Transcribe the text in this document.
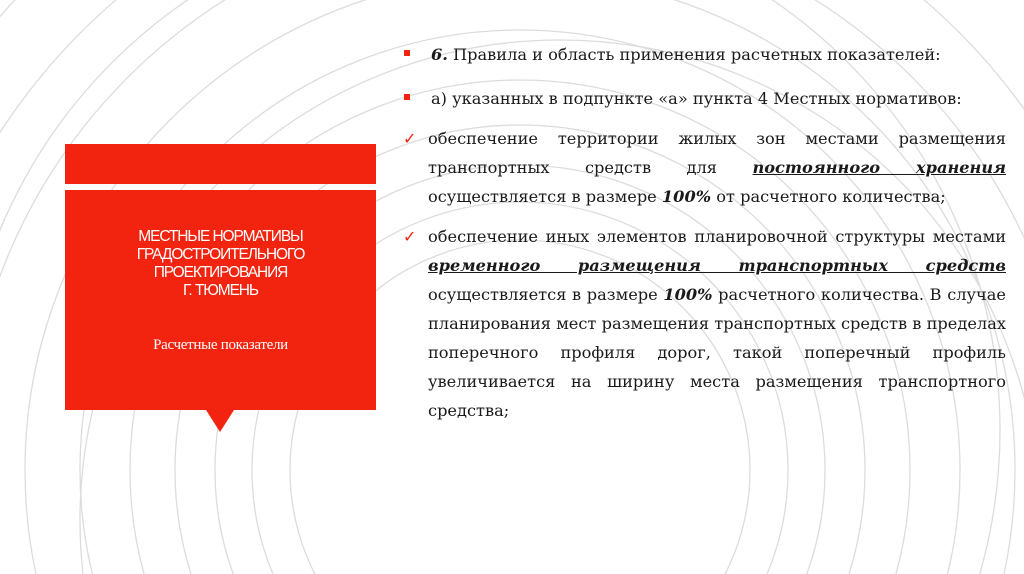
МЕСТНЫЕ НОРМАТИВЫ
ГРАДОСТРОИТЕЛЬНОГО
ПРОЕКТИРОВАНИЯ
Г. ТЮМЕНЬ
Расчетные показатели

6. Правила и область применения расчетных показателей:

а) указанных в подпункте «а» пункта 4 Местных нормативов:

✓ обеспечение территории жилых зон местами размещения транспортных средств для постоянного хранения осуществляется в размере 100% от расчетного количества;

✓ обеспечение иных элементов планировочной структуры местами временного размещения транспортных средств осуществляется в размере 100% расчетного количества. В случае планирования мест размещения транспортных средств в пределах поперечного профиля дорог, такой поперечный профиль увеличивается на ширину места размещения транспортного средства;
